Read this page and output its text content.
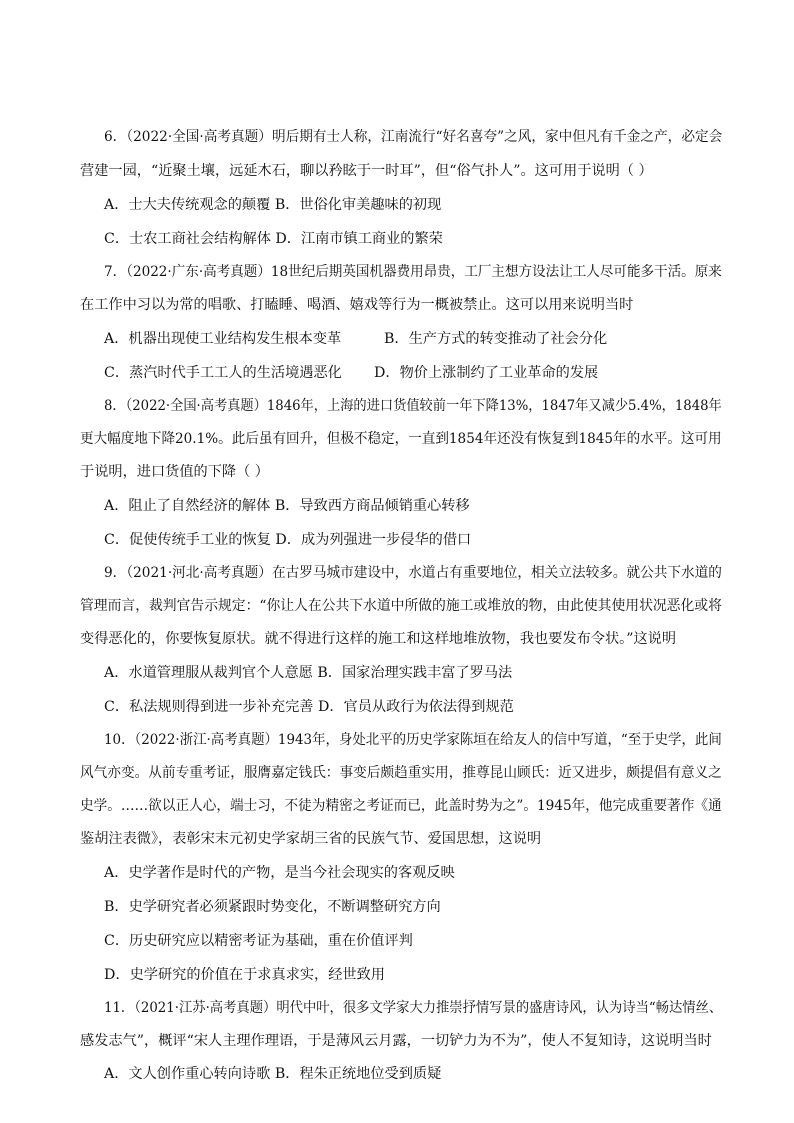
6．（2022·全国·高考真题）明后期有士人称，江南流行“好名喜夸”之风，家中但凡有千金之产，必定会
营建一园，“近聚土壤，远延木石，聊以矜眩于一时耳”，但“俗气扑人”。这可用于说明（ ）
A．士大夫传统观念的颠覆 B．世俗化审美趣味的初现
C．士农工商社会结构解体 D．江南市镇工商业的繁荣
7．（2022·广东·高考真题）18世纪后期英国机器费用昂贵，工厂主想方设法让工人尽可能多干活。原来
在工作中习以为常的唱歌、打瞌睡、喝酒、嬉戏等行为一概被禁止。这可以用来说明当时
A．机器出现使工业结构发生根本变革	B．生产方式的转变推动了社会分化
C．蒸汽时代手工工人的生活境遇恶化 D．物价上涨制约了工业革命的发展
8．（2022·全国·高考真题）1846年，上海的进口货值较前一年下降13%，1847年又减少5.4%，1848年
更大幅度地下降20.1%。此后虽有回升，但极不稳定，一直到1854年还没有恢复到1845年的水平。这可用
于说明，进口货值的下降（ ）
A．阻止了自然经济的解体 B．导致西方商品倾销重心转移
C．促使传统手工业的恢复 D．成为列强进一步侵华的借口
9．（2021·河北·高考真题）在古罗马城市建设中，水道占有重要地位，相关立法较多。就公共下水道的
管理而言，裁判官告示规定：“你让人在公共下水道中所做的施工或堆放的物，由此使其使用状况恶化或将
变得恶化的，你要恢复原状。就不得进行这样的施工和这样地堆放物，我也要发布令状。”这说明
A．水道管理服从裁判官个人意愿 B．国家治理实践丰富了罗马法
C．私法规则得到进一步补充完善 D．官员从政行为依法得到规范
10．（2022·浙江·高考真题）1943年，身处北平的历史学家陈垣在给友人的信中写道，“至于史学，此间
风气亦变。从前专重考证，服膺嘉定钱氏：事变后颇趋重实用，推尊昆山顾氏：近又进步，颇提倡有意义之
史学。……欲以正人心，端士习，不徒为精密之考证而已，此盖时势为之”。1945年，他完成重要著作《通
鉴胡注表微》，表彰宋末元初史学家胡三省的民族气节、爱国思想，这说明
A．史学著作是时代的产物，是当今社会现实的客观反映
B．史学研究者必须紧跟时势变化，不断调整研究方向
C．历史研究应以精密考证为基础，重在价值评判
D．史学研究的价值在于求真求实，经世致用
11．（2021·江苏·高考真题）明代中叶，很多文学家大力推崇抒情写景的盛唐诗风，认为诗当“畅达情丝、
感发志气”，概评“宋人主理作理语，于是薄风云月露，一切铲力为不为”，使人不复知诗，这说明当时
A．文人创作重心转向诗歌 B．程朱正统地位受到质疑
